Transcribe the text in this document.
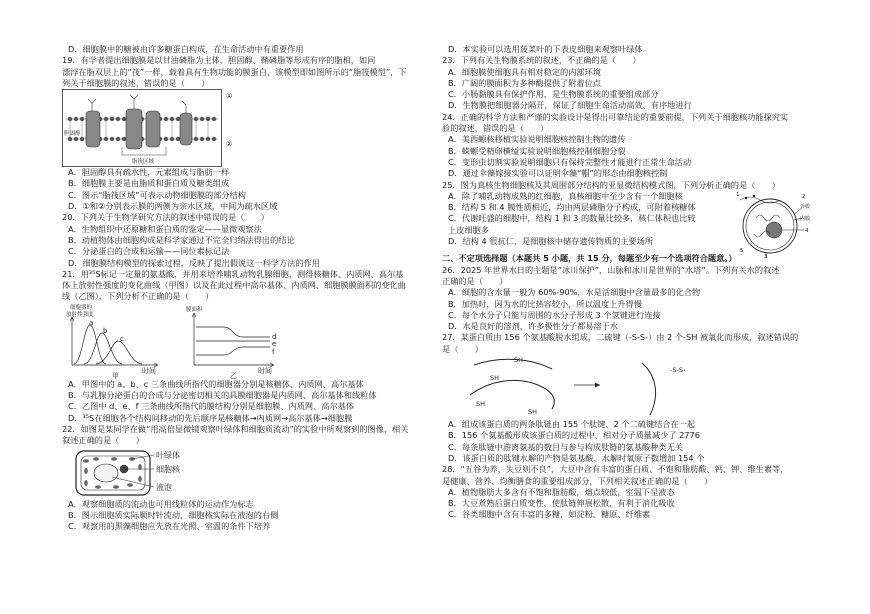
D．细胞膜中的糖被由许多糖蛋白构成，在生命活动中有重要作用
19．有学者提出细胞膜是以甘油磷脂为主体，胆固醇、鞘磷脂等形成有序的脂相，如同
漂浮在脂双层上的“筏”一样，载着具有生物功能的膜蛋白，该模型即如图所示的“脂筏模型”，下
列关于细胞膜的叙述，错误的是（　　）
①
②
胆固醇
脂筏区域
A．胆固醇具有疏水性，元素组成与脂肪一样
B．细胞膜主要是由脂质和蛋白质及糖类组成
C．图示“脂筏区域”可表示动物细胞膜的部分结构
D．①和②分别表示膜的两侧为亲水区域，中间为疏水区域
20．下列关于生物学研究方法的叙述中错误的是（　　）
A．生物组织中还原糖和蛋白质的鉴定——显微观察法
B．动植物体由细胞构成是科学家通过不完全归纳法得出的结论
C．分泌蛋白的合成和运输——同位素标记法
D．细胞膜结构模型的探索过程，反映了提出假说这一科学方法的作用
21．用³⁵S标记一定量的氨基酸，并用来培养哺乳动物乳腺细胞，测得核糖体、内质网、高尔基
体上放射性强度的变化曲线（甲图）以及在此过程中高尔基体、内质网、细胞膜膜面积的变化曲
线（乙图），下列分析不正确的是（　　）
细胞器的
放射性强度
a
b
c
时间
甲
膜面积
d
e
f
时间
乙
A．甲图中的 a、b、c 三条曲线所指代的细胞器分别是核糖体、内质网、高尔基体
B．与乳腺分泌蛋白的合成与分泌密切相关的具膜细胞器是内质网、高尔基体和线粒体
C．乙图中 d、e、f 三条曲线所指代的膜结构分别是细胞膜、内质网、高尔基体
D．³⁵S在细胞各个结构间移动的先后顺序是核糖体→内质网→高尔基体→细胞膜
22．如图是某同学在做“用高倍显微镜观察叶绿体和细胞质流动”的实验中所观察到的图像，相关
叙述正确的是（　　）
叶绿体
细胞核
液泡
A．观察细胞质的流动也可用线粒体的运动作为标志
B．图示细胞质实际顺时针流动，细胞核实际在液泡的右侧
C．观察用的黑藻细胞应先放在光照、室温的条件下培养
D．本实验可以选用菠菜叶的下表皮细胞来观察叶绿体
23．下列有关生物膜系统的叙述，不正确的是（　　）
A．细胞膜使细胞具有相对稳定的内部环境
B．广阔的膜面积为多种酶提供了附着位点
C．小肠黏膜具有保护作用，是生物膜系统的重要组成部分
D．生物膜把细胞器分隔开，保证了细胞生命活动高效、有序地进行
24．正确的科学方法和严谨的实验设计是得出可靠结论的重要前提，下列关于细胞核功能探究实
验的叙述，错误的是（　　）
A．美西螈核移植实验说明细胞核控制生物的遗传
B．蝾螈受精卵横缢实验说明细胞核控制细胞分裂
C．变形虫切割实验说明细胞只有保持完整性才能进行正常生命活动
D．通过伞藻嫁接实验可以证明伞藻“帽”的形态由细胞核控制
25．图为真核生物细胞核及其周围部分结构的亚显微结构模式图，下列分析正确的是（　　）
A．除了哺乳动物成熟的红细胞，真核细胞中至少含有一个细胞核
B．结构 5 和 4 膜性质相近，均由两层磷脂分子构成，可附着核糖体
C．代谢旺盛的细胞中，结构 1 和 3 的数量比较多，核仁体积也比较
上皮细胞多
D．结构 4 很抗仁，是细胞核中储存遗传物质的主要场所
1
外膜
内膜
4
2
3
5
二、不定项选择题（本题共 5 小题，共 15 分，每题至少有一个选项符合题意。）
26．2025 年世界水日的主题是“冰川保护”，山脉和冰川是世界的“水塔”。下列有关水的叙述
正确的是（　　）
A．细胞的含水量一般为 60%-90%，水是活细胞中含量最多的化合物
B．加热时，因为水的比热容较小，所以温度上升得慢
C．每个水分子只能与周围的水分子形成 3 个氢键进行连接
D．水是良好的溶剂，许多极性分子都易溶于水
27．某蛋白质由 156 个氨基酸脱水组成，二硫键（-S-S-）由 2 个-SH 被氧化而形成，叙述错误的
是（　　）
SH
SH
SH
SH
-S-S-
A．组成该蛋白质的两条肽链由 155 个肽键、2 个二硫键结合在一起
B．156 个氨基酸形成该蛋白质的过程中，相对分子质量减少了 2776
C．每条肽链中游离氨基的数目与参与构成肽链的氨基酸种类无关
D．该蛋白质的肽键水解的产物是氨基酸，水解时氧原子数增加 154 个
28．“五谷为养，失豆则不良”，大豆中含有丰富的蛋白质、不饱和脂肪酸、钙、钾、维生素等，
是健康、营养、均衡膳食的重要组成部分，下列相关叙述正确的是（　　）
A．植物脂肪大多含有不饱和脂肪酸，熔点较低，室温下呈液态
B．大豆煮熟后蛋白质变性，使肽链伸展松散，有利于消化吸收
C．谷类细胞中含有丰富的多糖，如淀粉、糖原、纤维素
